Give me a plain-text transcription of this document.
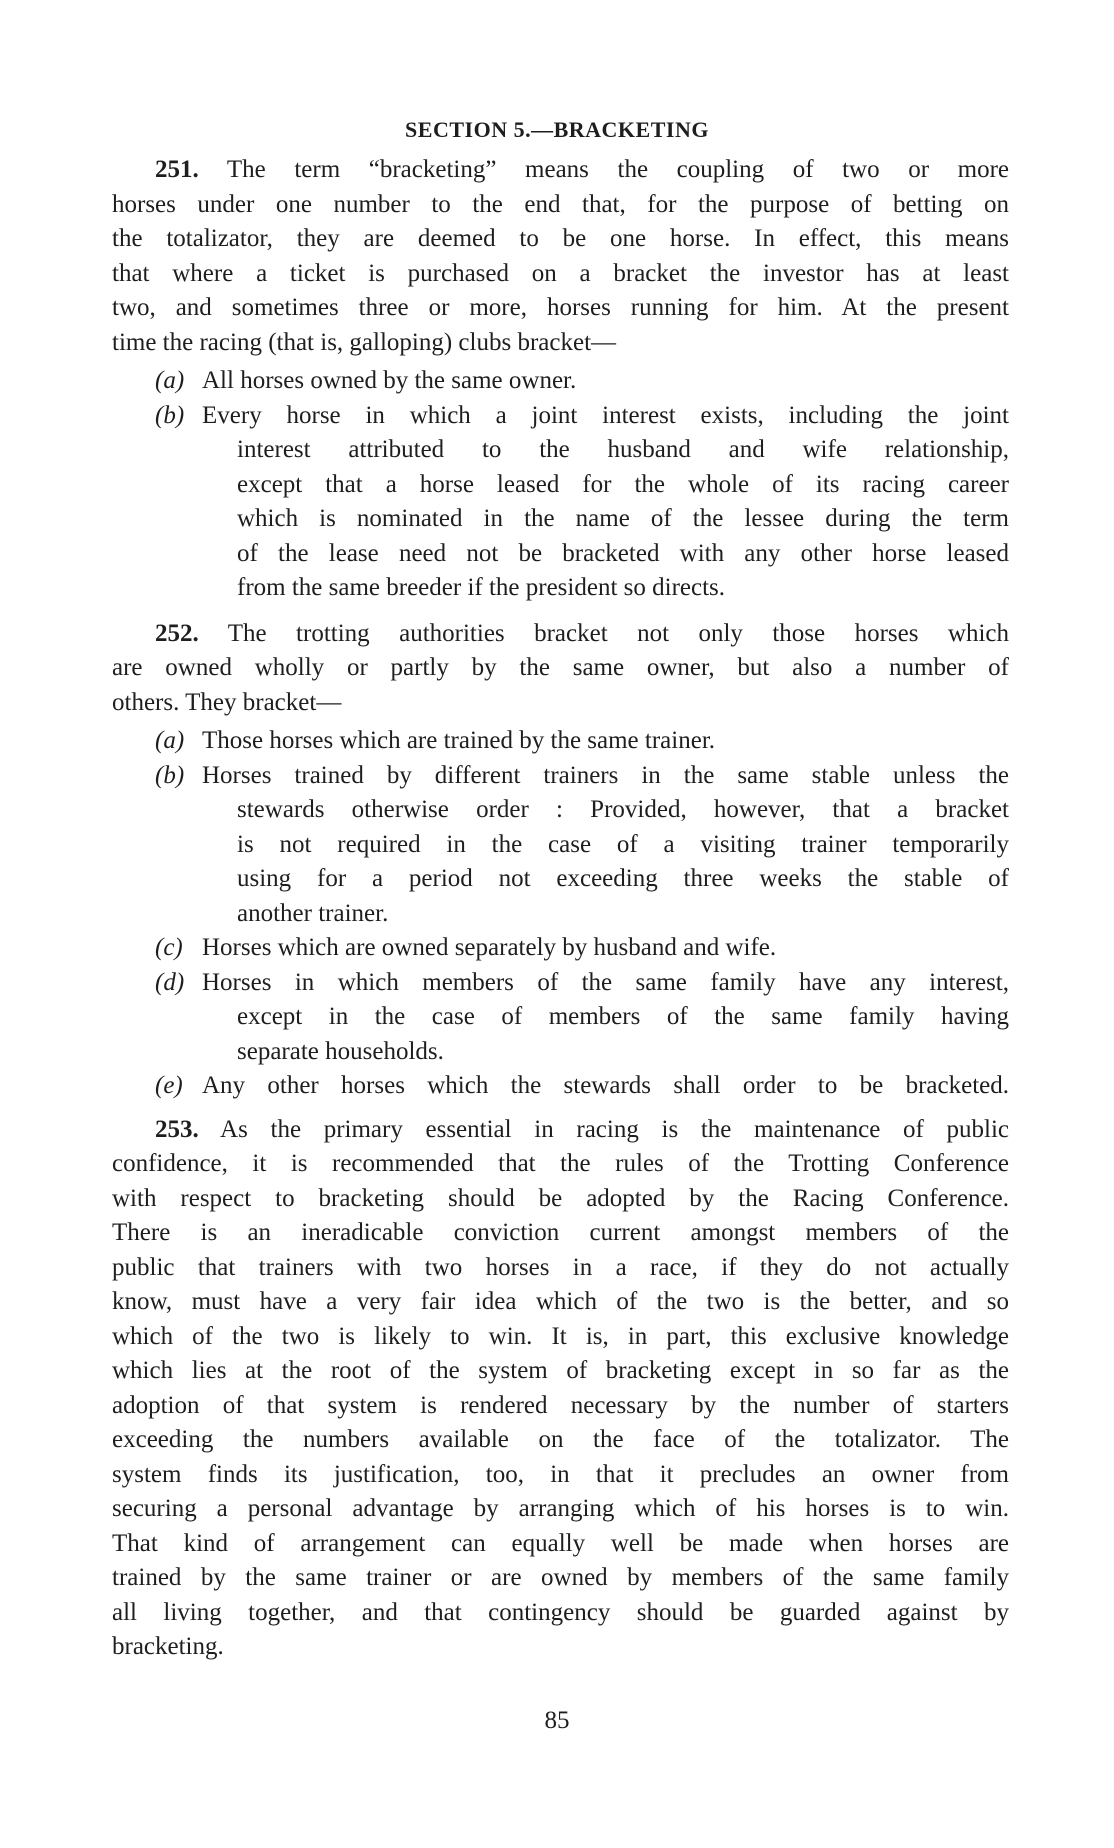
SECTION 5.—BRACKETING
251. The term “bracketing” means the coupling of two or more
horses under one number to the end that, for the purpose of betting on
the totalizator, they are deemed to be one horse. In effect, this means
that where a ticket is purchased on a bracket the investor has at least
two, and sometimes three or more, horses running for him. At the present
time the racing (that is, galloping) clubs bracket—
(a) All horses owned by the same owner.
(b) Every horse in which a joint interest exists, including the joint
interest attributed to the husband and wife relationship,
except that a horse leased for the whole of its racing career
which is nominated in the name of the lessee during the term
of the lease need not be bracketed with any other horse leased
from the same breeder if the president so directs.
252. The trotting authorities bracket not only those horses which
are owned wholly or partly by the same owner, but also a number of
others. They bracket—
(a) Those horses which are trained by the same trainer.
(b) Horses trained by different trainers in the same stable unless the
stewards otherwise order : Provided, however, that a bracket
is not required in the case of a visiting trainer temporarily
using for a period not exceeding three weeks the stable of
another trainer.
(c) Horses which are owned separately by husband and wife.
(d) Horses in which members of the same family have any interest,
except in the case of members of the same family having
separate households.
(e) Any other horses which the stewards shall order to be bracketed.
253. As the primary essential in racing is the maintenance of public
confidence, it is recommended that the rules of the Trotting Conference
with respect to bracketing should be adopted by the Racing Conference.
There is an ineradicable conviction current amongst members of the
public that trainers with two horses in a race, if they do not actually
know, must have a very fair idea which of the two is the better, and so
which of the two is likely to win. It is, in part, this exclusive knowledge
which lies at the root of the system of bracketing except in so far as the
adoption of that system is rendered necessary by the number of starters
exceeding the numbers available on the face of the totalizator. The
system finds its justification, too, in that it precludes an owner from
securing a personal advantage by arranging which of his horses is to win.
That kind of arrangement can equally well be made when horses are
trained by the same trainer or are owned by members of the same family
all living together, and that contingency should be guarded against by
bracketing.
85
